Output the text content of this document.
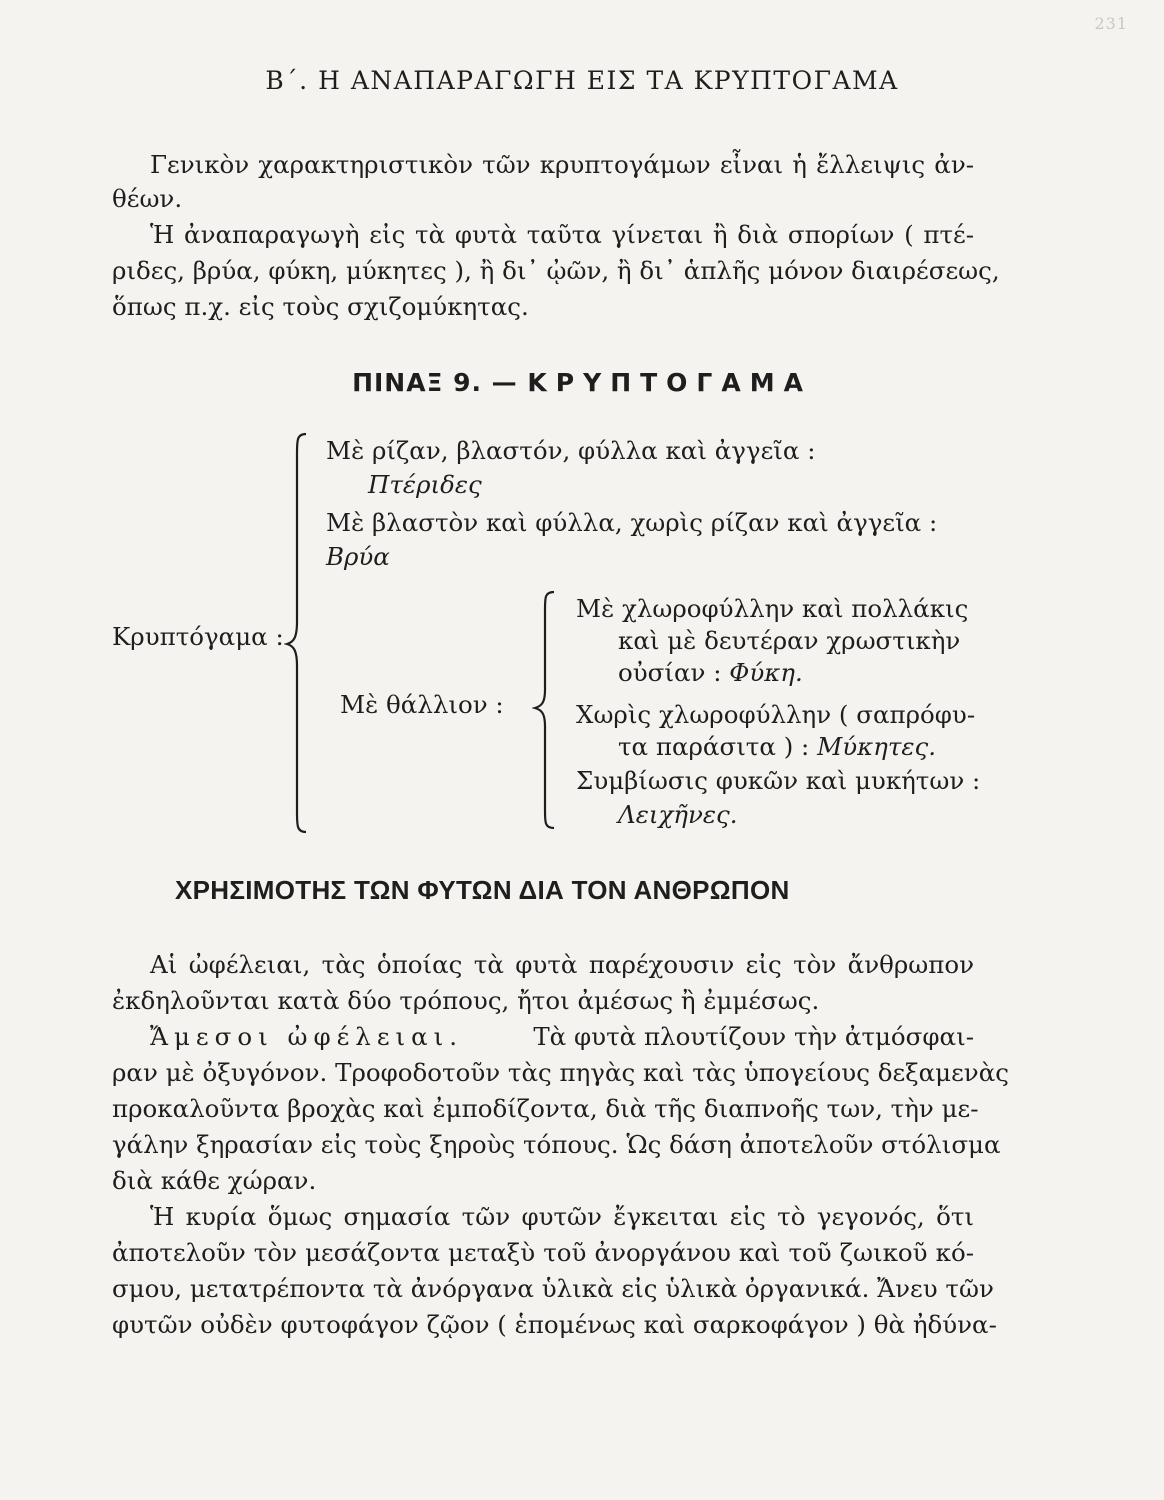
231
Β΄. Η ΑΝΑΠΑΡΑΓΩΓΗ ΕΙΣ ΤΑ ΚΡΥΠΤΟΓΑΜΑ
Γενικὸν χαρακτηριστικὸν τῶν κρυπτογάμων εἶναι ἡ ἔλλειψις ἀν-
θέων.
Ἡ ἀναπαραγωγὴ εἰς τὰ φυτὰ ταῦτα γίνεται ἢ διὰ σπορίων ( πτέ-
ριδες, βρύα, φύκη, μύκητες ), ἢ δι᾽ ᾠῶν, ἢ δι᾽ ἁπλῆς μόνον διαιρέσεως,
ὅπως π.χ. εἰς τοὺς σχιζομύκητας.
ΠΙΝΑΞ 9. — ΚΡΥΠΤΟΓΑΜΑ
Κρυπτόγαμα :
Μὲ ρίζαν, βλαστόν, φύλλα καὶ ἀγγεῖα :
Πτέριδες
Μὲ βλαστὸν καὶ φύλλα, χωρὶς ρίζαν καὶ ἀγγεῖα :
Βρύα
Μὲ θάλλιον :
Μὲ χλωροφύλλην καὶ πολλάκις
καὶ μὲ δευτέραν χρωστικὴν
οὐσίαν : Φύκη.
Χωρὶς χλωροφύλλην ( σαπρόφυ-
τα παράσιτα ) : Μύκητες.
Συμβίωσις φυκῶν καὶ μυκήτων :
Λειχῆνες.
ΧΡΗΣΙΜΟΤΗΣ ΤΩΝ ΦΥΤΩΝ ΔΙΑ ΤΟΝ ΑΝΘΡΩΠΟΝ
Αἱ ὠφέλειαι, τὰς ὁποίας τὰ φυτὰ παρέχουσιν εἰς τὸν ἄνθρωπον
ἐκδηλοῦνται κατὰ δύο τρόπους, ἤτοι ἀμέσως ἢ ἐμμέσως.
Ἄμεσοι ὠφέλειαι.	Τὰ φυτὰ πλουτίζουν τὴν ἀτμόσφαι-
ραν μὲ ὀξυγόνον. Τροφοδοτοῦν τὰς πηγὰς καὶ τὰς ὑπογείους δεξαμενὰς
προκαλοῦντα βροχὰς καὶ ἐμποδίζοντα, διὰ τῆς διαπνοῆς των, τὴν με-
γάλην ξηρασίαν εἰς τοὺς ξηροὺς τόπους. Ὡς δάση ἀποτελοῦν στόλισμα
διὰ κάθε χώραν.
Ἡ κυρία ὅμως σημασία τῶν φυτῶν ἔγκειται εἰς τὸ γεγονός, ὅτι
ἀποτελοῦν τὸν μεσάζοντα μεταξὺ τοῦ ἀνοργάνου καὶ τοῦ ζωικοῦ κό-
σμου, μετατρέποντα τὰ ἀνόργανα ὑλικὰ εἰς ὑλικὰ ὀργανικά. Ἄνευ τῶν
φυτῶν οὐδὲν φυτοφάγον ζῷον ( ἑπομένως καὶ σαρκοφάγον ) θὰ ἠδύνα-
